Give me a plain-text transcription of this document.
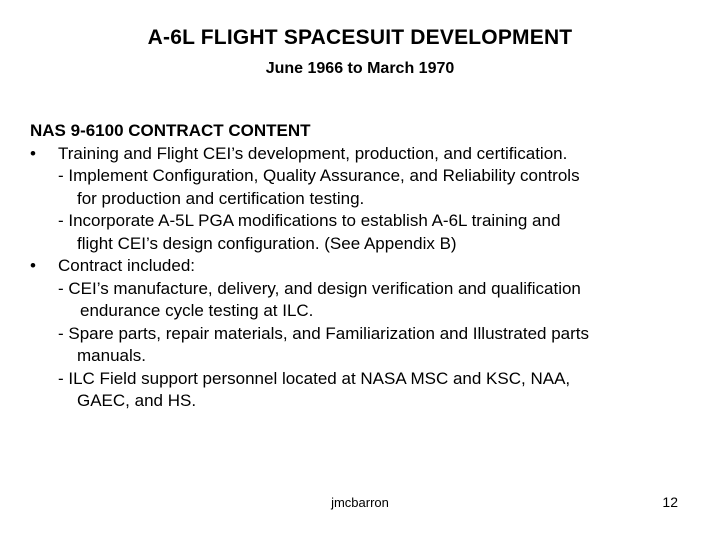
A-6L FLIGHT SPACESUIT DEVELOPMENT
June 1966 to March 1970
NAS 9-6100 CONTRACT CONTENT
• Training and Flight CEI’s development, production, and certification.
- Implement Configuration, Quality Assurance, and Reliability controls
for production and certification testing.
- Incorporate A-5L PGA modifications to establish A-6L training and
flight CEI’s design configuration. (See Appendix B)
• Contract included:
- CEI’s manufacture, delivery, and design verification and qualification
endurance cycle testing at ILC.
- Spare parts, repair materials, and Familiarization and Illustrated parts
manuals.
- ILC Field support personnel located at NASA MSC and KSC, NAA,
GAEC, and HS.
jmcbarron	12
